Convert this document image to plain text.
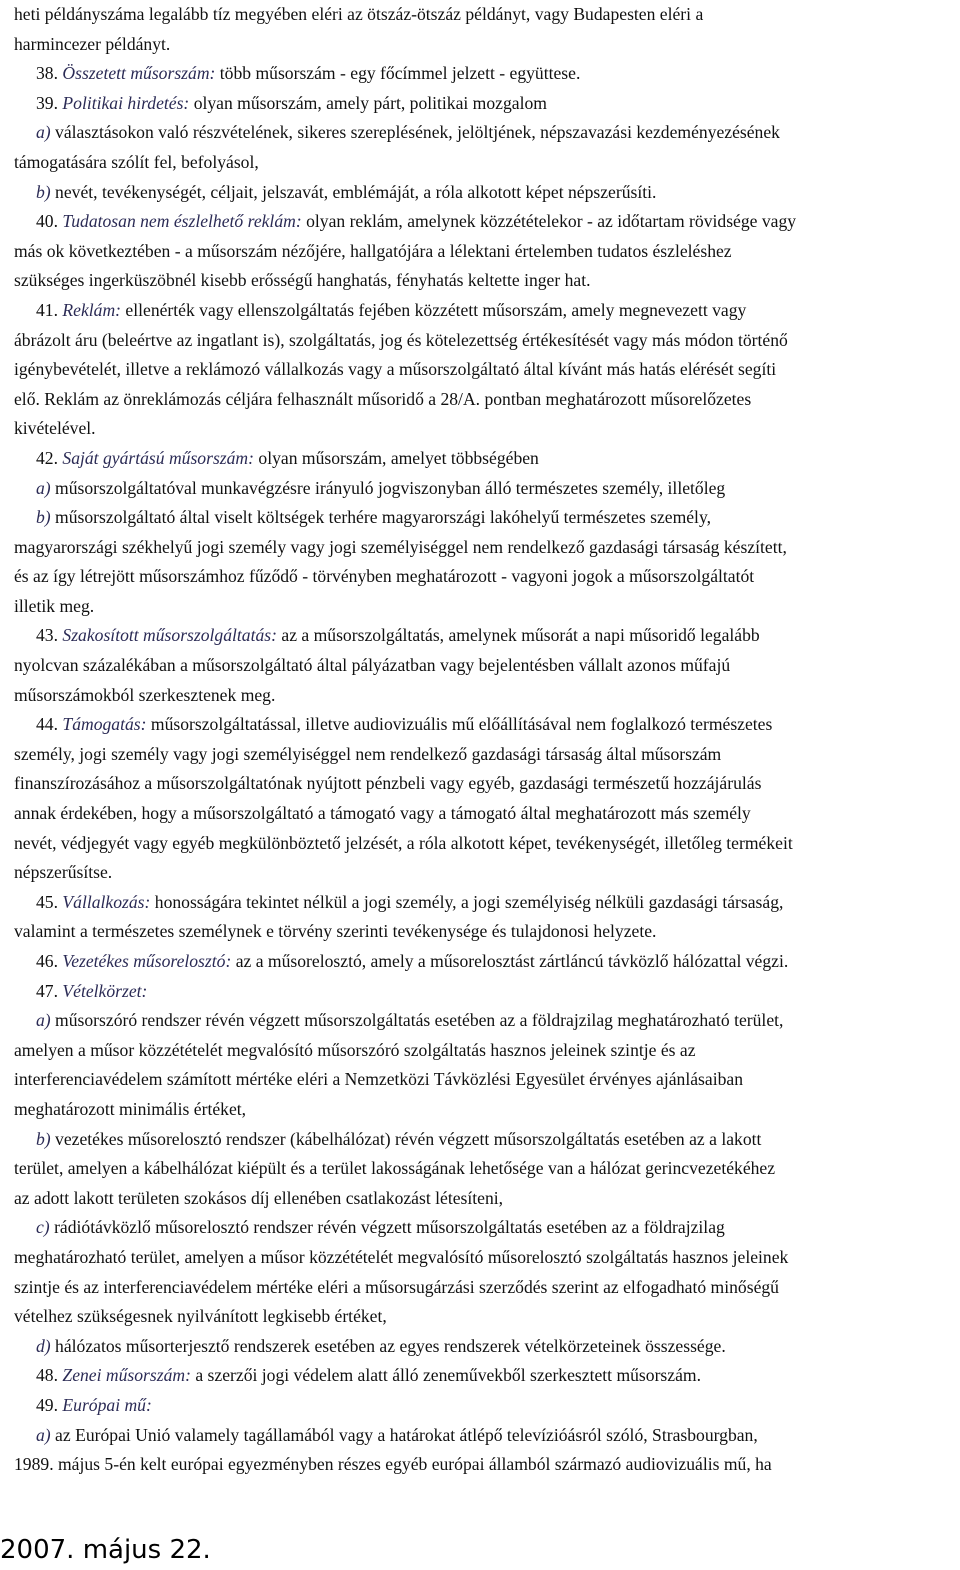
heti példányszáma legalább tíz megyében eléri az ötszáz-ötszáz példányt, vagy Budapesten eléri a
harmincezer példányt.

38. Összetett műsorszám: több műsorszám - egy főcímmel jelzett - együttese.

39. Politikai hirdetés: olyan műsorszám, amely párt, politikai mozgalom

a) választásokon való részvételének, sikeres szereplésének, jelöltjének, népszavazási kezdeményezésének

támogatására szólít fel, befolyásol,

b) nevét, tevékenységét, céljait, jelszavát, emblémáját, a róla alkotott képet népszerűsíti.

40. Tudatosan nem észlelhető reklám: olyan reklám, amelynek közzétételekor - az időtartam rövidsége vagy

más ok következtében - a műsorszám nézőjére, hallgatójára a lélektani értelemben tudatos észleléshez
szükséges ingerküszöbnél kisebb erősségű hanghatás, fényhatás keltette inger hat.

41. Reklám: ellenérték vagy ellenszolgáltatás fejében közzétett műsorszám, amely megnevezett vagy

ábrázolt áru (beleértve az ingatlant is), szolgáltatás, jog és kötelezettség értékesítését vagy más módon történő
igénybevételét, illetve a reklámozó vállalkozás vagy a műsorszolgáltató által kívánt más hatás elérését segíti
elő. Reklám az önreklámozás céljára felhasznált műsoridő a 28/A. pontban meghatározott műsorelőzetes
kivételével.

42. Saját gyártású műsorszám: olyan műsorszám, amelyet többségében

a) műsorszolgáltatóval munkavégzésre irányuló jogviszonyban álló természetes személy, illetőleg

b) műsorszolgáltató által viselt költségek terhére magyarországi lakóhelyű természetes személy,

magyarországi székhelyű jogi személy vagy jogi személyiséggel nem rendelkező gazdasági társaság készített,
és az így létrejött műsorszámhoz fűződő - törvényben meghatározott - vagyoni jogok a műsorszolgáltatót
illetik meg.

43. Szakosított műsorszolgáltatás: az a műsorszolgáltatás, amelynek műsorát a napi műsoridő legalább

nyolcvan százalékában a műsorszolgáltató által pályázatban vagy bejelentésben vállalt azonos műfajú
műsorszámokból szerkesztenek meg.

44. Támogatás: műsorszolgáltatással, illetve audiovizuális mű előállításával nem foglalkozó természetes

személy, jogi személy vagy jogi személyiséggel nem rendelkező gazdasági társaság által műsorszám
finanszírozásához a műsorszolgáltatónak nyújtott pénzbeli vagy egyéb, gazdasági természetű hozzájárulás
annak érdekében, hogy a műsorszolgáltató a támogató vagy a támogató által meghatározott más személy
nevét, védjegyét vagy egyéb megkülönböztető jelzését, a róla alkotott képet, tevékenységét, illetőleg termékeit
népszerűsítse.

45. Vállalkozás: honosságára tekintet nélkül a jogi személy, a jogi személyiség nélküli gazdasági társaság,

valamint a természetes személynek e törvény szerinti tevékenysége és tulajdonosi helyzete.

46. Vezetékes műsorelosztó: az a műsorelosztó, amely a műsorelosztást zártláncú távközlő hálózattal végzi.

47. Vételkörzet:

a) műsorszóró rendszer révén végzett műsorszolgáltatás esetében az a földrajzilag meghatározható terület,

amelyen a műsor közzétételét megvalósító műsorszóró szolgáltatás hasznos jeleinek szintje és az
interferenciavédelem számított mértéke eléri a Nemzetközi Távközlési Egyesület érvényes ajánlásaiban
meghatározott minimális értéket,

b) vezetékes műsorelosztó rendszer (kábelhálózat) révén végzett műsorszolgáltatás esetében az a lakott

terület, amelyen a kábelhálózat kiépült és a terület lakosságának lehetősége van a hálózat gerincvezetékéhez
az adott lakott területen szokásos díj ellenében csatlakozást létesíteni,

c) rádiótávközlő műsorelosztó rendszer révén végzett műsorszolgáltatás esetében az a földrajzilag

meghatározható terület, amelyen a műsor közzétételét megvalósító műsorelosztó szolgáltatás hasznos jeleinek
szintje és az interferenciavédelem mértéke eléri a műsorsugárzási szerződés szerint az elfogadható minőségű
vételhez szükségesnek nyilvánított legkisebb értéket,

d) hálózatos műsorterjesztő rendszerek esetében az egyes rendszerek vételkörzeteinek összessége.

48. Zenei műsorszám: a szerzői jogi védelem alatt álló zeneművekből szerkesztett műsorszám.

49. Európai mű:

a) az Európai Unió valamely tagállamából vagy a határokat átlépő televízióásról szóló, Strasbourgban,

1989. május 5-én kelt európai egyezményben részes egyéb európai államból származó audiovizuális mű, ha

2007. május 22.
